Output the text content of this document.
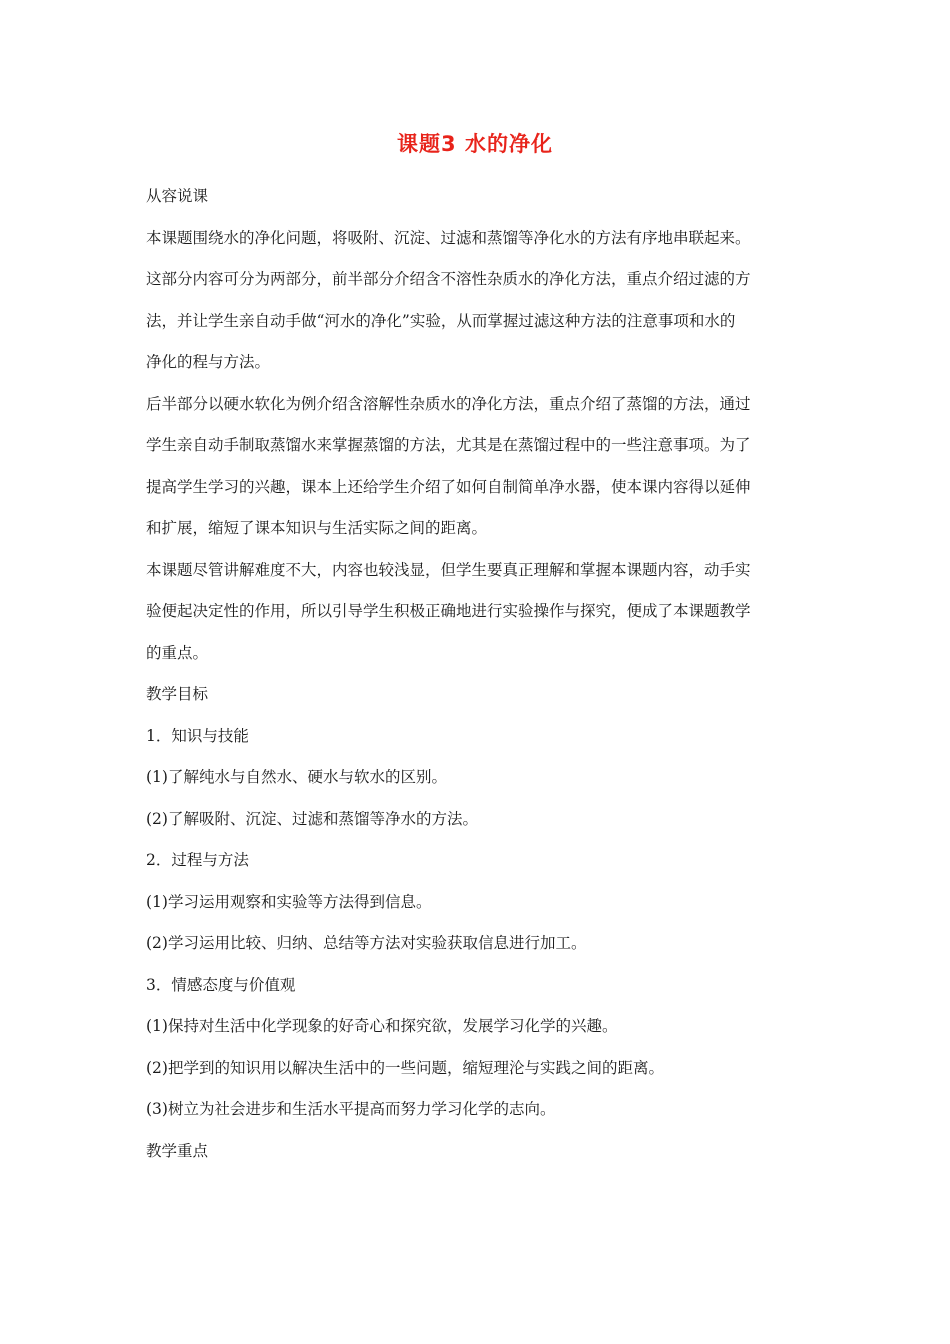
课题3 水的净化

从容说课

本课题围绕水的净化问题，将吸附、沉淀、过滤和蒸馏等净化水的方法有序地串联起来。

这部分内容可分为两部分，前半部分介绍含不溶性杂质水的净化方法，重点介绍过滤的方

法，并让学生亲自动手做“河水的净化”实验，从而掌握过滤这种方法的注意事项和水的

净化的程与方法。

后半部分以硬水软化为例介绍含溶解性杂质水的净化方法，重点介绍了蒸馏的方法，通过

学生亲自动手制取蒸馏水来掌握蒸馏的方法，尤其是在蒸馏过程中的一些注意事项。为了

提高学生学习的兴趣，课本上还给学生介绍了如何自制简单净水器，使本课内容得以延伸

和扩展，缩短了课本知识与生活实际之间的距离。

本课题尽管讲解难度不大，内容也较浅显，但学生要真正理解和掌握本课题内容，动手实

验便起决定性的作用，所以引导学生积极正确地进行实验操作与探究，便成了本课题教学

的重点。

教学目标

1．知识与技能

(1)了解纯水与自然水、硬水与软水的区别。

(2)了解吸附、沉淀、过滤和蒸馏等净水的方法。

2．过程与方法

(1)学习运用观察和实验等方法得到信息。

(2)学习运用比较、归纳、总结等方法对实验获取信息进行加工。

3．情感态度与价值观

(1)保持对生活中化学现象的好奇心和探究欲，发展学习化学的兴趣。

(2)把学到的知识用以解决生活中的一些问题，缩短理沦与实践之间的距离。

(3)树立为社会进步和生活水平提高而努力学习化学的志向。

教学重点
